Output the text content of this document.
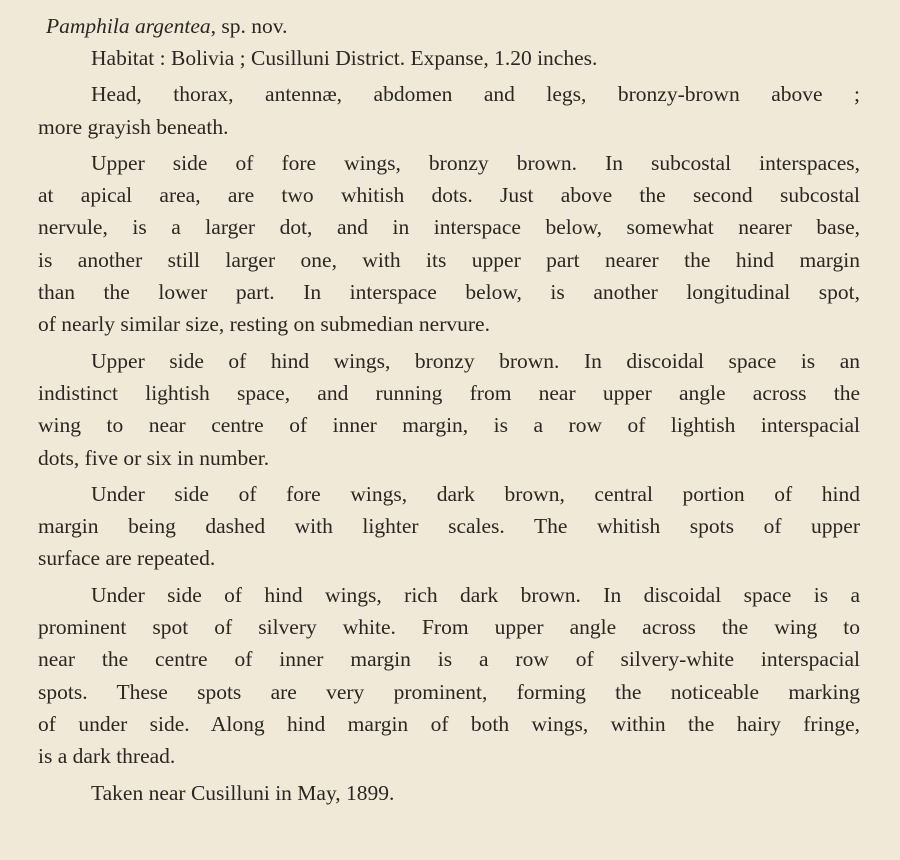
Pamphila argentea, sp. nov.
Habitat : Bolivia ; Cusilluni District. Expanse, 1.20 inches.
Head, thorax, antennæ, abdomen and legs, bronzy-brown above ;
more grayish beneath.
Upper side of fore wings, bronzy brown. In subcostal interspaces,
at apical area, are two whitish dots. Just above the second subcostal
nervule, is a larger dot, and in interspace below, somewhat nearer base,
is another still larger one, with its upper part nearer the hind margin
than the lower part. In interspace below, is another longitudinal spot,
of nearly similar size, resting on submedian nervure.
Upper side of hind wings, bronzy brown. In discoidal space is an
indistinct lightish space, and running from near upper angle across the
wing to near centre of inner margin, is a row of lightish interspacial
dots, five or six in number.
Under side of fore wings, dark brown, central portion of hind
margin being dashed with lighter scales. The whitish spots of upper
surface are repeated.
Under side of hind wings, rich dark brown. In discoidal space is a
prominent spot of silvery white. From upper angle across the wing to
near the centre of inner margin is a row of silvery-white interspacial
spots. These spots are very prominent, forming the noticeable marking
of under side. Along hind margin of both wings, within the hairy fringe,
is a dark thread.
Taken near Cusilluni in May, 1899.
